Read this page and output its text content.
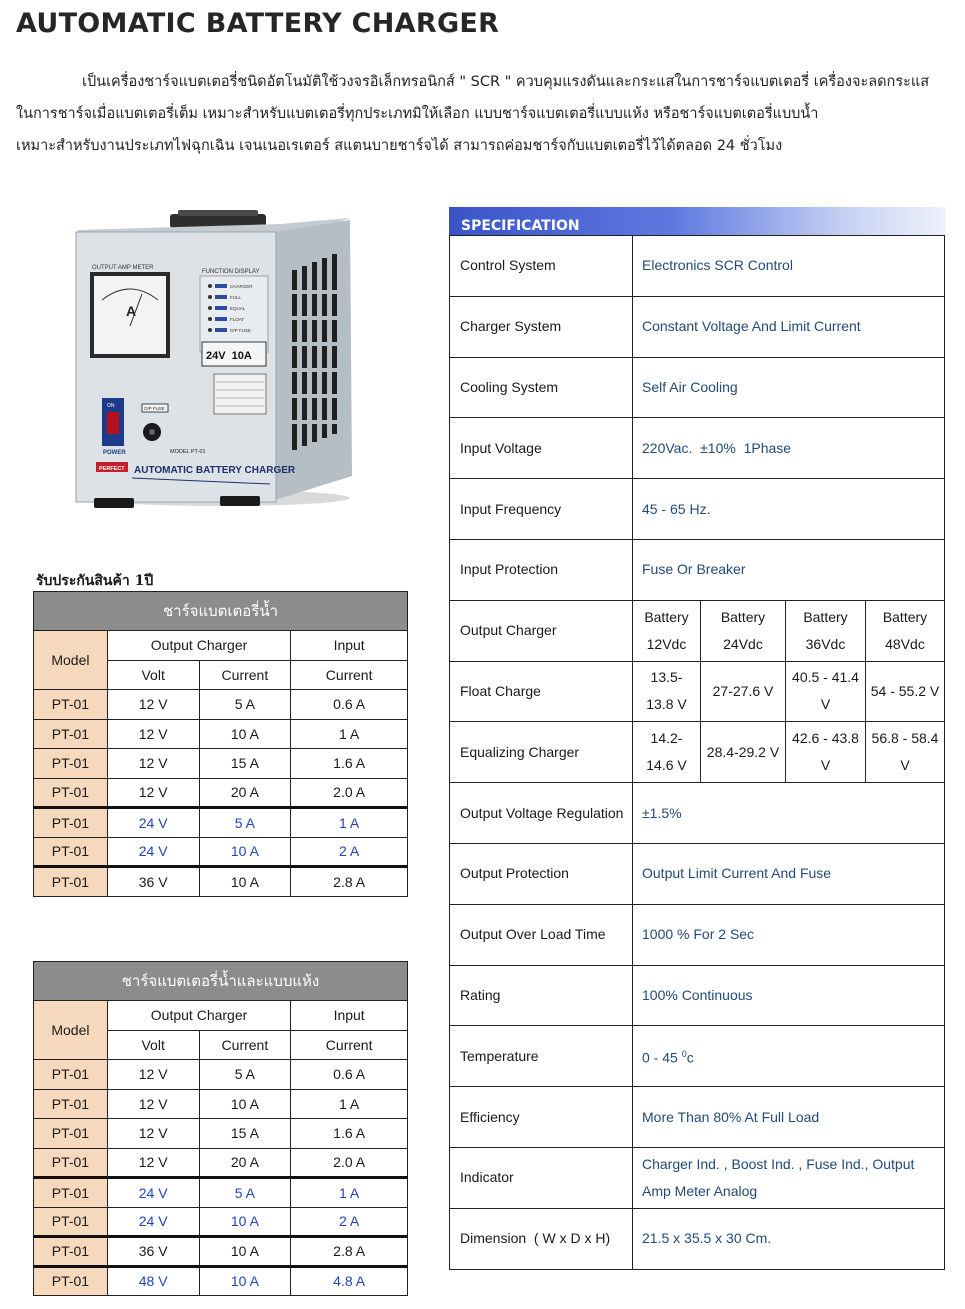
AUTOMATIC BATTERY CHARGER

เป็นเครื่องชาร์จแบตเตอรี่ชนิดอัตโนมัติใช้วงจรอิเล็กทรอนิกส์ " SCR " ควบคุมแรงดันและกระแสในการชาร์จแบตเตอรี่ เครื่องจะลดกระแส

ในการชาร์จเมื่อแบตเตอรี่เต็ม เหมาะสำหรับแบตเตอรี่ทุกประเภทมิให้เลือก แบบชาร์จแบตเตอรี่แบบแห้ง หรือชาร์จแบตเตอรี่แบบน้ำ

เหมาะสำหรับงานประเภทไฟฉุกเฉิน เจนเนอเรเตอร์ สแตนบายชาร์จได้ สามารถค่อมชาร์จกับแบตเตอรี่ไว้ได้ตลอด 24 ชั่วโมง

OUTPUT AMP METER
A
FUNCTION DISPLAY
CHARGER
FULL
EQUAL
FLOAT
O/P FUSE
24V  10A
ON
POWER
O/P FUSE
MODEL PT-01
PERFECT AUTOMATIC BATTERY CHARGER
รับประกันสินค้า 1ปี
ชาร์จแบตเตอรี่น้ำ			
Model	Output Charger		Input
	Volt	Current	Current
PT-01	12 V	5 A	0.6 A
PT-01	12 V	10 A	1 A
PT-01	12 V	15 A	1.6 A
PT-01	12 V	20 A	2.0 A
PT-01	24 V	5 A	1 A
PT-01	24 V	10 A	2 A
PT-01	36 V	10 A	2.8 A
ชาร์จแบตเตอรี่น้ำและแบบแห้ง			
Model	Output Charger		Input
	Volt	Current	Current
PT-01	12 V	5 A	0.6 A
PT-01	12 V	10 A	1 A
PT-01	12 V	15 A	1.6 A
PT-01	12 V	20 A	2.0 A
PT-01	24 V	5 A	1 A
PT-01	24 V	10 A	2 A
PT-01	36 V	10 A	2.8 A
PT-01	48 V	10 A	4.8 A
SPECIFICATION
Control System	Electronics SCR Control			
Charger System	Constant Voltage And Limit Current			
Cooling System	Self Air Cooling			
Input Voltage	220Vac.  ±10%  1Phase			
Input Frequency	45 - 65 Hz.			
Input Protection	Fuse Or Breaker			
Output Charger	Battery 12Vdc	Battery 24Vdc	Battery 36Vdc	Battery 48Vdc
Float Charge	13.5- 13.8 V	27-27.6 V	40.5 - 41.4 V	54 - 55.2 V
Equalizing Charger	14.2- 14.6 V	28.4-29.2 V	42.6 - 43.8 V	56.8 - 58.4 V
Output Voltage Regulation	±1.5%			
Output Protection	Output Limit Current And Fuse			
Output Over Load Time	1000 % For 2 Sec			
Rating	100% Continuous			
Temperature	0 - 45 $^0$c			
Efficiency	More Than 80% At Full Load			
Indicator	Charger Ind. , Boost Ind. , Fuse Ind., Output Amp Meter Analog			
Dimension  ( W x D x H)	21.5 x 35.5 x 30 Cm.			
